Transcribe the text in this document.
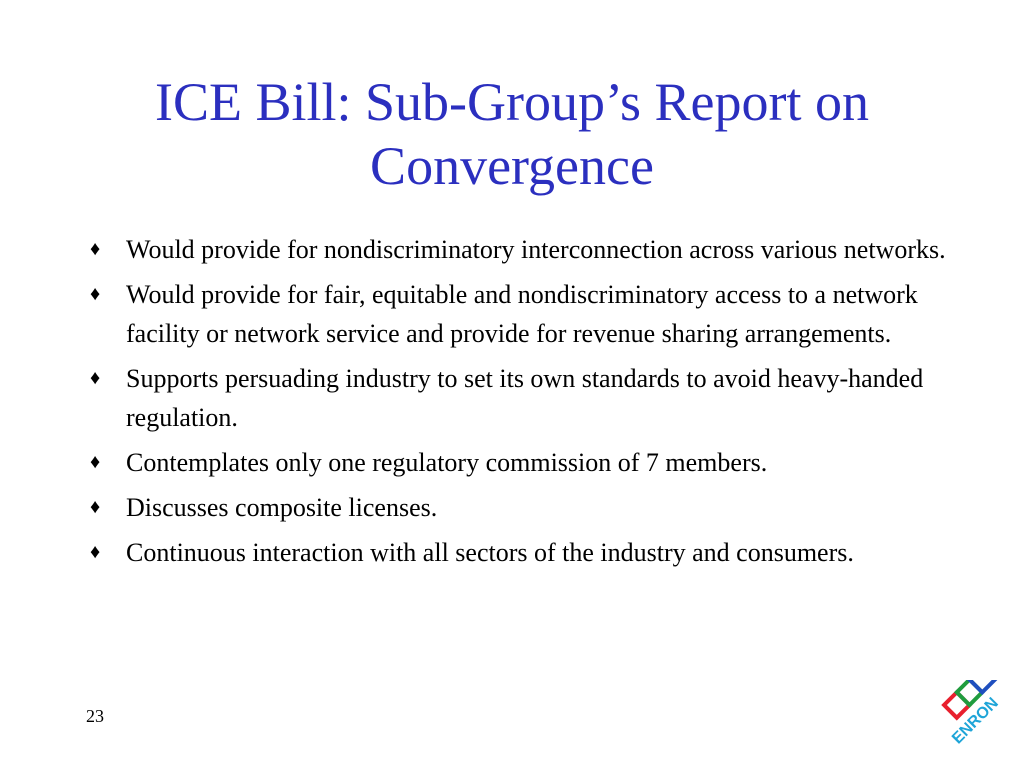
ICE Bill: Sub-Group’s Report on
Convergence
♦ Would provide for nondiscriminatory interconnection across various networks.
♦ Would provide for fair, equitable and nondiscriminatory access to a network facility or network service and provide for revenue sharing arrangements.
♦ Supports persuading industry to set its own standards to avoid heavy-handed regulation.
♦ Contemplates only one regulatory commission of 7 members.
♦ Discusses composite licenses.
♦ Continuous interaction with all sectors of the industry and consumers.
23	ENRON
